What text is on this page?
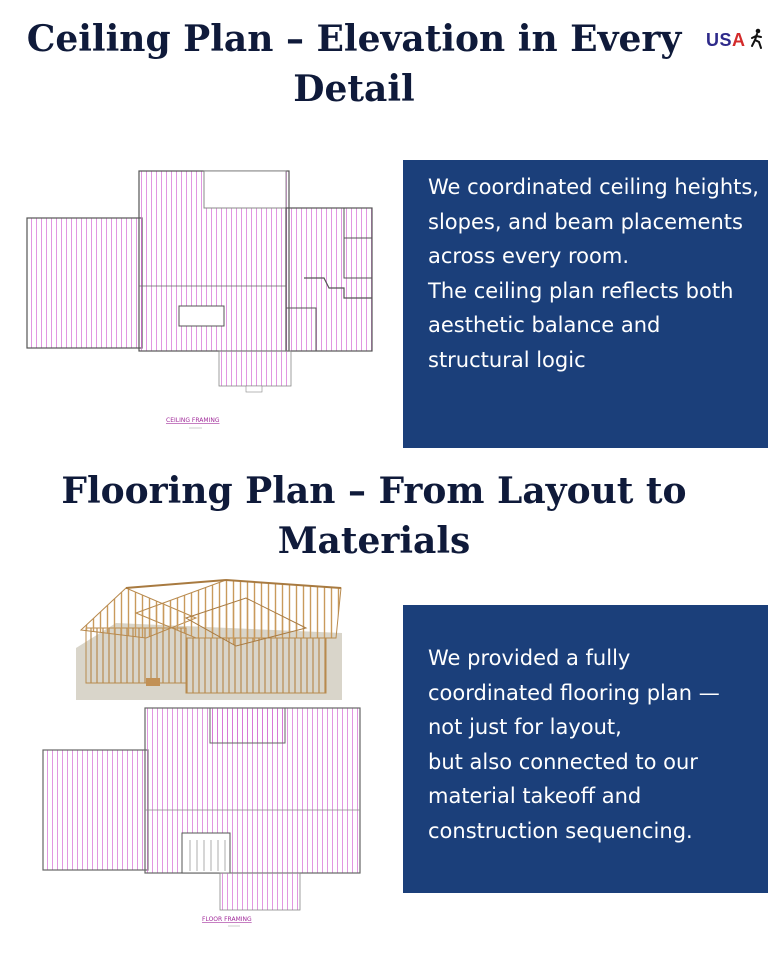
Ceiling Plan – Elevation in Every
Detail
USA
CEILING FRAMING

We coordinated ceiling heights, slopes, and beam placements across every room.
The ceiling plan reflects both aesthetic balance and structural logic

Flooring Plan – From Layout to
Materials
FLOOR FRAMING

We provided a fully coordinated flooring plan —
not just for layout,
but also connected to our material takeoff and construction sequencing.
